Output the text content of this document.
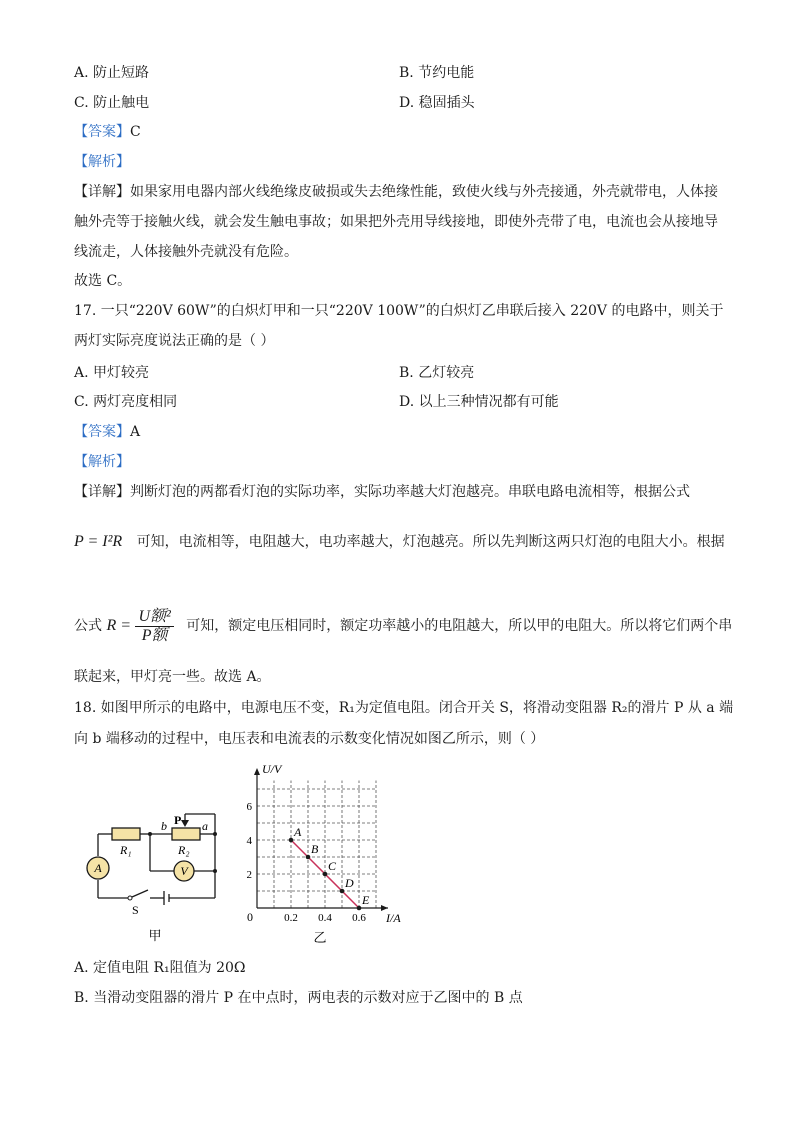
A. 防止短路	B. 节约电能
C. 防止触电	D. 稳固插头
【答案】C
【解析】
【详解】如果家用电器内部火线绝缘皮破损或失去绝缘性能，致使火线与外壳接通，外壳就带电，人体接
触外壳等于接触火线，就会发生触电事故；如果把外壳用导线接地，即使外壳带了电，电流也会从接地导
线流走，人体接触外壳就没有危险。
故选 C。
17. 一只“220V 60W”的白炽灯甲和一只“220V 100W”的白炽灯乙串联后接入 220V 的电路中，则关于
两灯实际亮度说法正确的是（ ）
A. 甲灯较亮	B. 乙灯较亮
C. 两灯亮度相同	D. 以上三种情况都有可能
【答案】A
【解析】
【详解】判断灯泡的两都看灯泡的实际功率，实际功率越大灯泡越亮。串联电路电流相等，根据公式
P = I²R 可知，电流相等，电阻越大，电功率越大，灯泡越亮。所以先判断这两只灯泡的电阻大小。根据
公式 $R = \frac{\text{U额²}}{\text{P额}}$ 可知，额定电压相同时，额定功率越小的电阻越大，所以甲的电阻大。所以将它们两个串
联起来，甲灯亮一些。故选 A。
18. 如图甲所示的电路中，电源电压不变，R₁为定值电阻。闭合开关 S，将滑动变阻器 R₂的滑片 P 从 a 端
向 b 端移动的过程中，电压表和电流表的示数变化情况如图乙所示，则（ ）
A	V
R₁	R₂
P a
b
S
甲
0.2 0.4 0.6
2
4
6
A
B
C
D
E
U/V
I/A
0
乙
A. 定值电阻 R₁阻值为 20Ω
B. 当滑动变阻器的滑片 P 在中点时，两电表的示数对应于乙图中的 B 点
